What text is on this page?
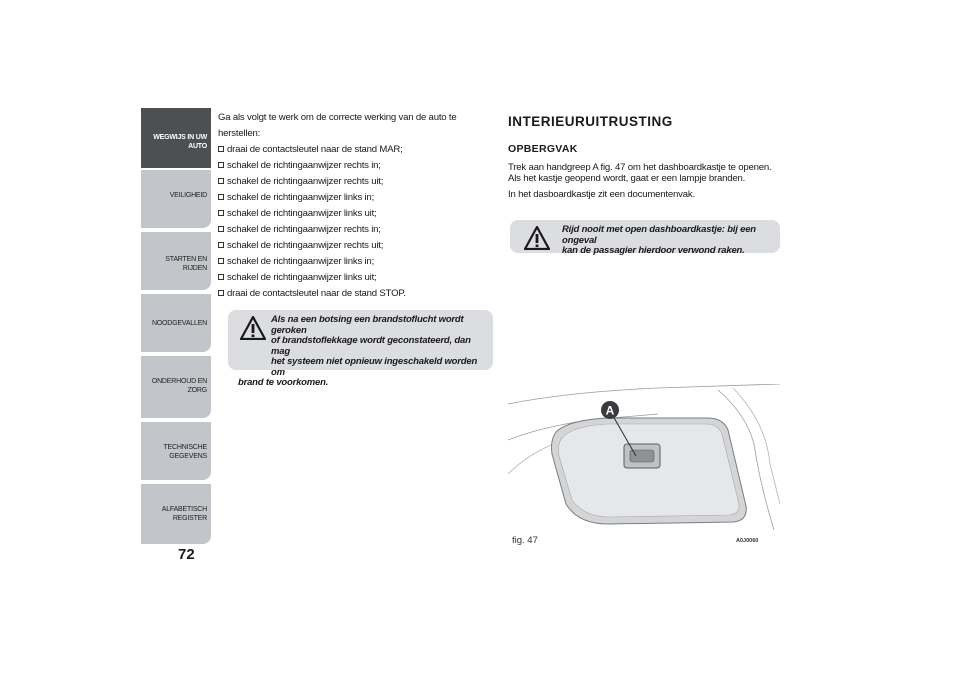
WEGWIJS IN UW AUTO
VEILIGHEID
STARTEN EN RIJDEN
NOODGEVALLEN
ONDERHOUD EN ZORG
TECHNISCHE GEGEVENS
ALFABETISCH REGISTER
72

Ga als volgt te werk om de correcte werking van de auto te herstellen:

draai de contactsleutel naar de stand MAR;
schakel de richtingaanwijzer rechts in;
schakel de richtingaanwijzer rechts uit;
schakel de richtingaanwijzer links in;
schakel de richtingaanwijzer links uit;
schakel de richtingaanwijzer rechts in;
schakel de richtingaanwijzer rechts uit;
schakel de richtingaanwijzer links in;
schakel de richtingaanwijzer links uit;
draai de contactsleutel naar de stand STOP.
Als na een botsing een brandstoflucht wordt geroken
of brandstoflekkage wordt geconstateerd, dan mag
het systeem niet opnieuw ingeschakeld worden om
brand te voorkomen.
INTERIEURUITRUSTING
OPBERGVAK

Trek aan handgreep A fig. 47 om het dashboardkastje te openen.

Als het kastje geopend wordt, gaat er een lampje branden.

In het dasboardkastje zit een documentenvak.

Rijd nooit met open dashboardkastje: bij een ongeval
kan de passagier hierdoor verwond raken.
A
fig. 47	A0J0060
